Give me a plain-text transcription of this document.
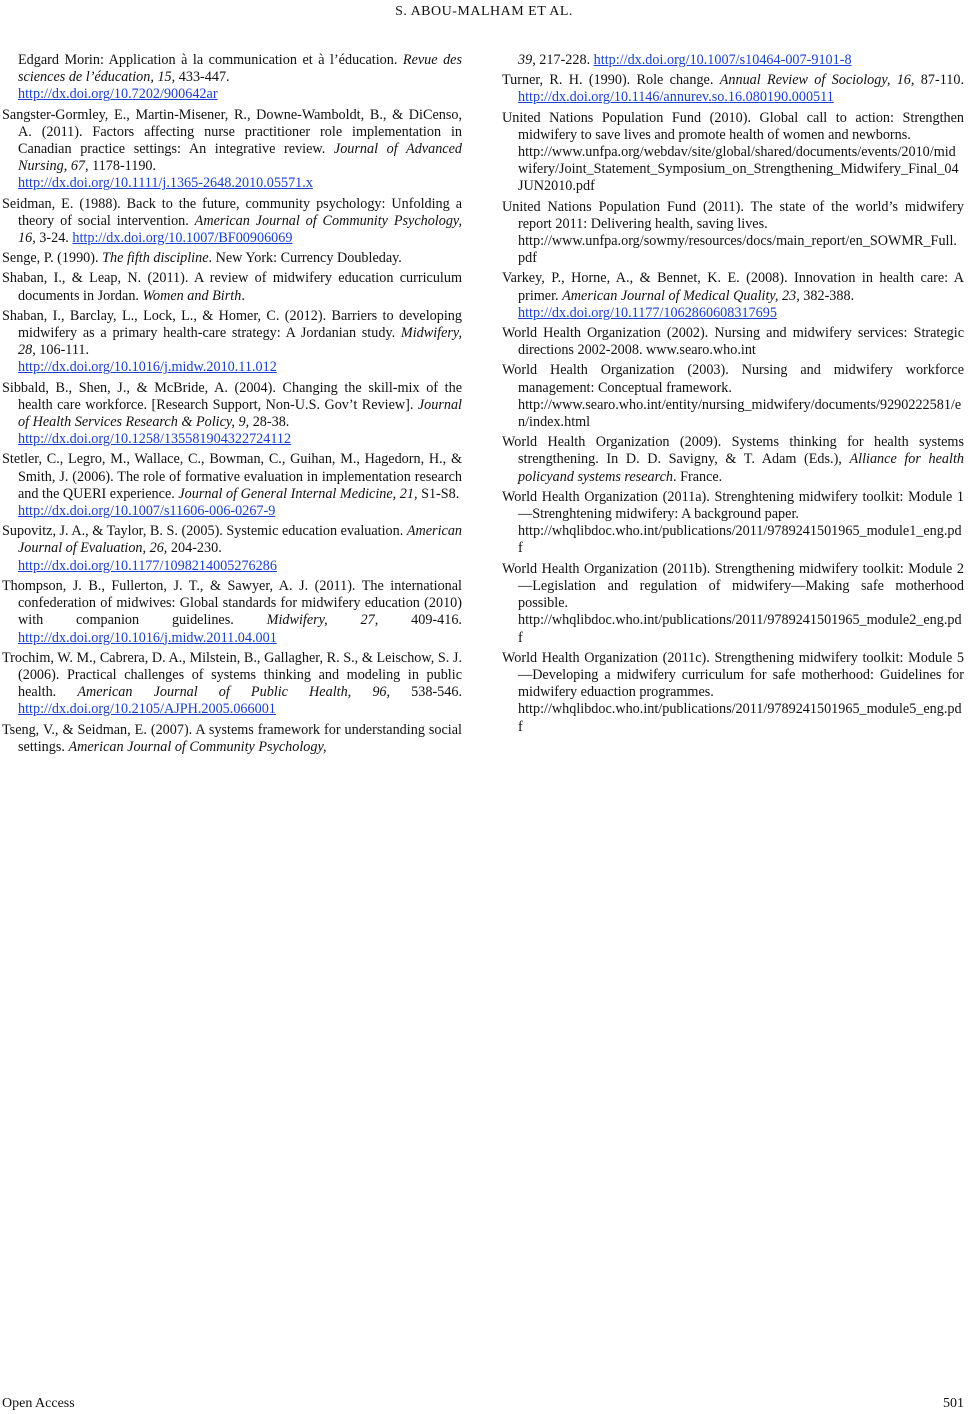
S. ABOU-MALHAM ET AL.

Edgard Morin: Application à la communication et à l’éducation. Revue des sciences de l’éducation, 15, 433-447.
http://dx.doi.org/10.7202/900642ar

Sangster-Gormley, E., Martin-Misener, R., Downe-Wamboldt, B., & DiCenso, A. (2011). Factors affecting nurse practitioner role implementation in Canadian practice settings: An integrative review. Journal of Advanced Nursing, 67, 1178-1190.
http://dx.doi.org/10.1111/j.1365-2648.2010.05571.x

Seidman, E. (1988). Back to the future, community psychology: Unfolding a theory of social intervention. American Journal of Community Psychology, 16, 3-24. http://dx.doi.org/10.1007/BF00906069

Senge, P. (1990). The fifth discipline. New York: Currency Doubleday.

Shaban, I., & Leap, N. (2011). A review of midwifery education curriculum documents in Jordan. Women and Birth.

Shaban, I., Barclay, L., Lock, L., & Homer, C. (2012). Barriers to developing midwifery as a primary health-care strategy: A Jordanian study. Midwifery, 28, 106-111.
http://dx.doi.org/10.1016/j.midw.2010.11.012

Sibbald, B., Shen, J., & McBride, A. (2004). Changing the skill-mix of the health care workforce. [Research Support, Non-U.S. Gov’t Review]. Journal of Health Services Research & Policy, 9, 28-38.
http://dx.doi.org/10.1258/135581904322724112

Stetler, C., Legro, M., Wallace, C., Bowman, C., Guihan, M., Hagedorn, H., & Smith, J. (2006). The role of formative evaluation in implementation research and the QUERI experience. Journal of General Internal Medicine, 21, S1-S8.
http://dx.doi.org/10.1007/s11606-006-0267-9

Supovitz, J. A., & Taylor, B. S. (2005). Systemic education evaluation. American Journal of Evaluation, 26, 204-230.
http://dx.doi.org/10.1177/1098214005276286

Thompson, J. B., Fullerton, J. T., & Sawyer, A. J. (2011). The international confederation of midwives: Global standards for midwifery education (2010) with companion guidelines. Midwifery, 27, 409-416. http://dx.doi.org/10.1016/j.midw.2011.04.001

Trochim, W. M., Cabrera, D. A., Milstein, B., Gallagher, R. S., & Leischow, S. J. (2006). Practical challenges of systems thinking and modeling in public health. American Journal of Public Health, 96, 538-546. http://dx.doi.org/10.2105/AJPH.2005.066001

Tseng, V., & Seidman, E. (2007). A systems framework for understanding social settings. American Journal of Community Psychology,

39, 217-228. http://dx.doi.org/10.1007/s10464-007-9101-8

Turner, R. H. (1990). Role change. Annual Review of Sociology, 16, 87-110. http://dx.doi.org/10.1146/annurev.so.16.080190.000511

United Nations Population Fund (2010). Global call to action: Strengthen midwifery to save lives and promote health of women and newborns.
http://www.unfpa.org/webdav/site/global/shared/documents/events/2010/midwifery/Joint_Statement_Symposium_on_Strengthening_Midwifery_Final_04JUN2010.pdf

United Nations Population Fund (2011). The state of the world’s midwifery report 2011: Delivering health, saving lives.
http://www.unfpa.org/sowmy/resources/docs/main_report/en_SOWMR_Full.pdf

Varkey, P., Horne, A., & Bennet, K. E. (2008). Innovation in health care: A primer. American Journal of Medical Quality, 23, 382-388.
http://dx.doi.org/10.1177/1062860608317695

World Health Organization (2002). Nursing and midwifery services: Strategic directions 2002-2008. www.searo.who.int

World Health Organization (2003). Nursing and midwifery workforce management: Conceptual framework.
http://www.searo.who.int/entity/nursing_midwifery/documents/9290222581/en/index.html

World Health Organization (2009). Systems thinking for health systems strengthening. In D. D. Savigny, & T. Adam (Eds.), Alliance for health policyand systems research. France.

World Health Organization (2011a). Strenghtening midwifery toolkit: Module 1—Strenghtening midwifery: A background paper.
http://whqlibdoc.who.int/publications/2011/9789241501965_module1_eng.pdf

World Health Organization (2011b). Strengthening midwifery toolkit: Module 2—Legislation and regulation of midwifery—Making safe motherhood possible.
http://whqlibdoc.who.int/publications/2011/9789241501965_module2_eng.pdf

World Health Organization (2011c). Strengthening midwifery toolkit: Module 5—Developing a midwifery curriculum for safe motherhood: Guidelines for midwifery eduaction programmes.
http://whqlibdoc.who.int/publications/2011/9789241501965_module5_eng.pdf

Open Access	501
